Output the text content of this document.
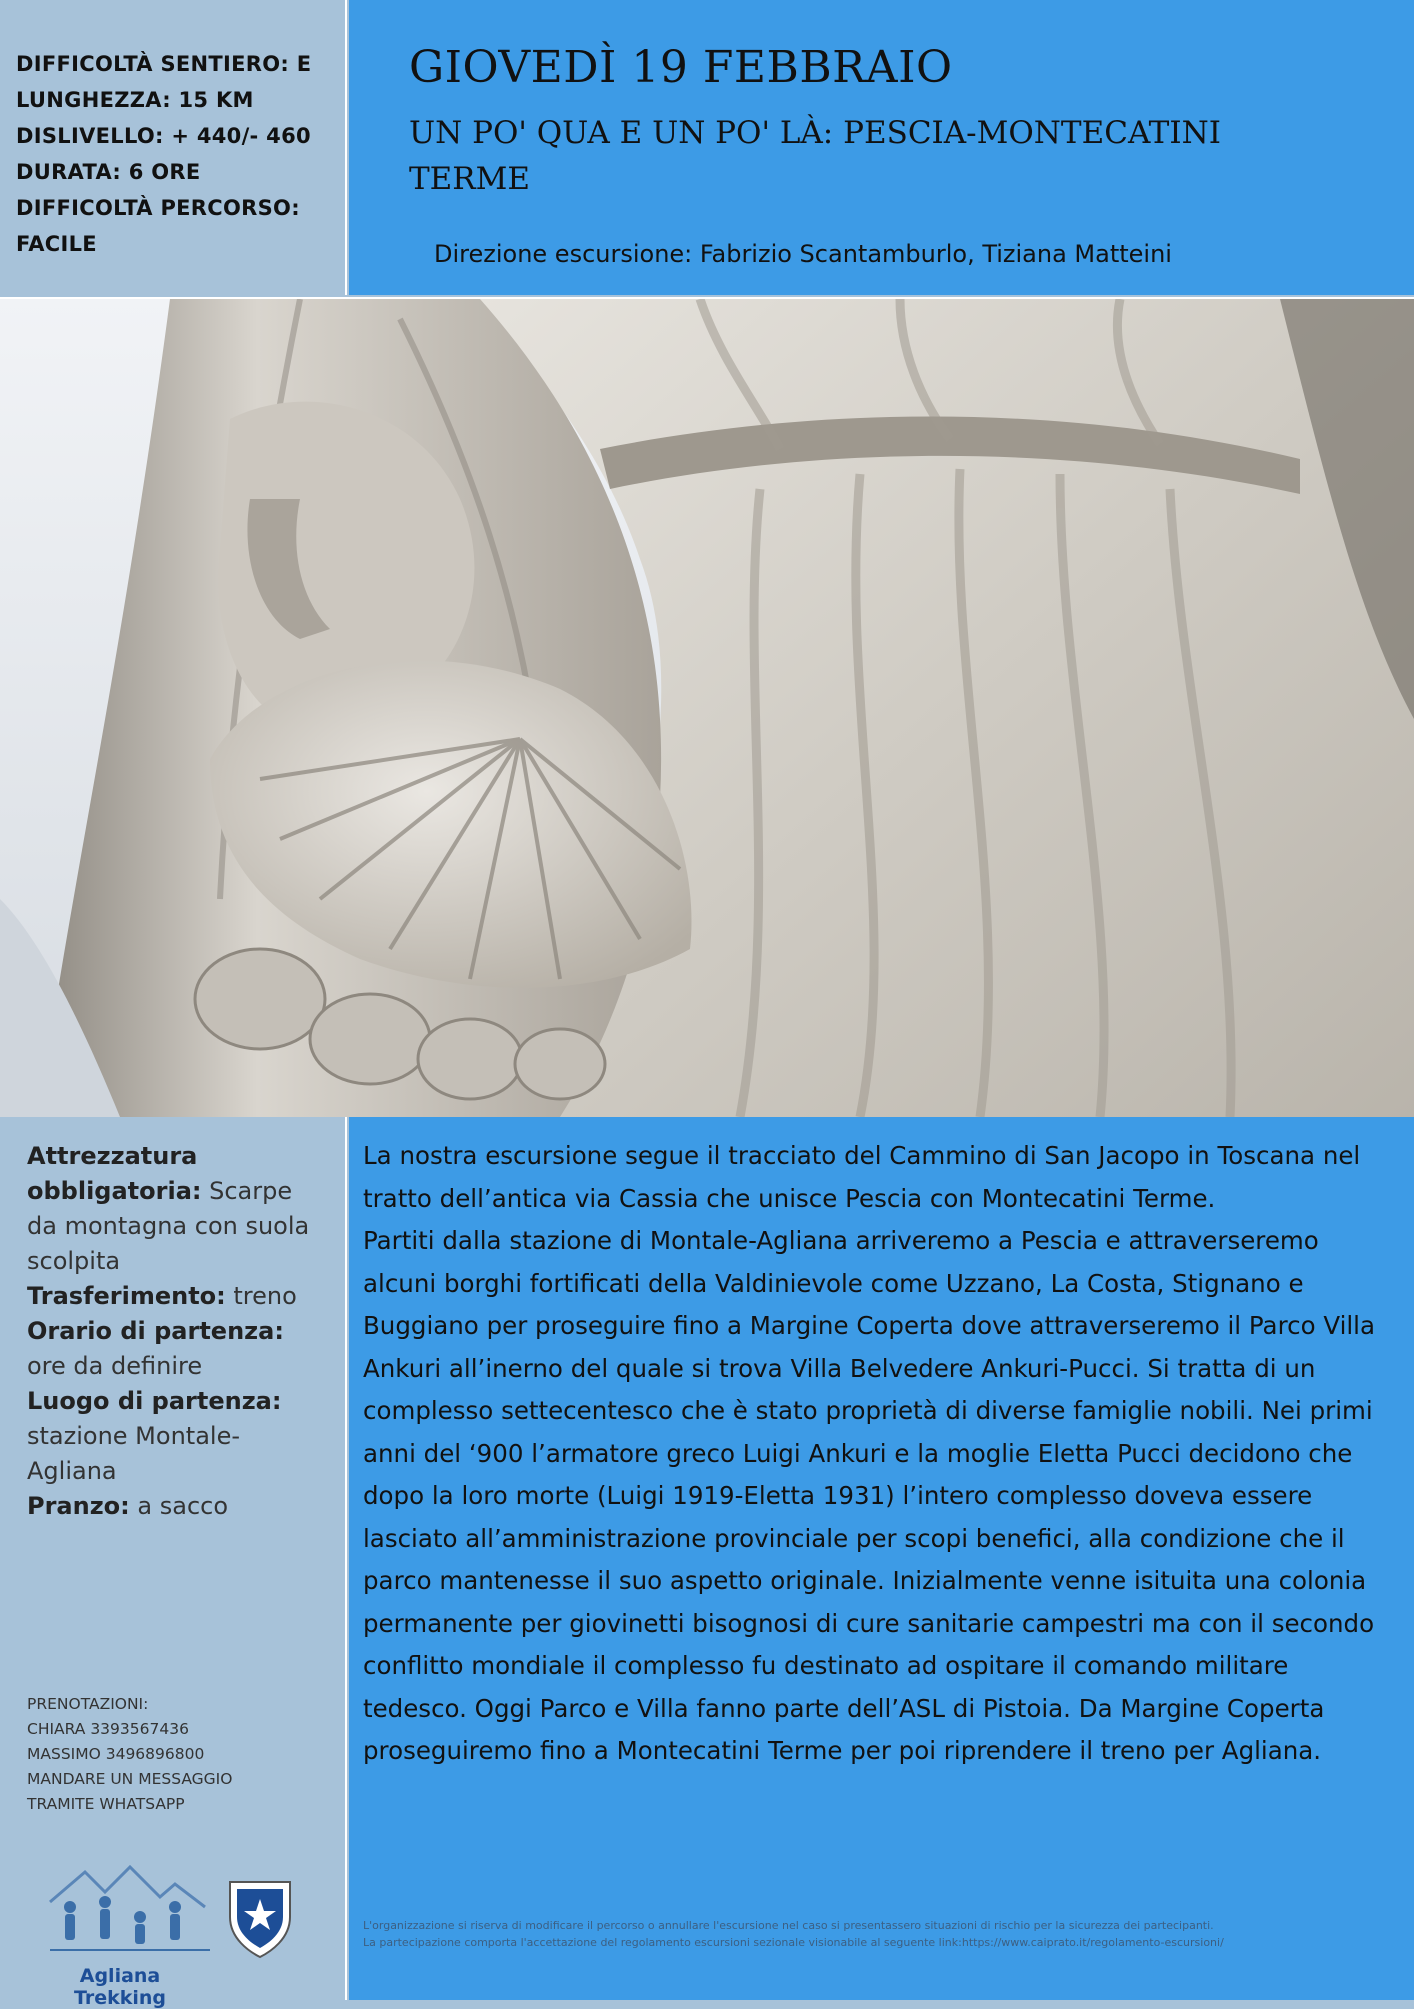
DIFFICOLTÀ SENTIERO: E
LUNGHEZZA: 15 KM
DISLIVELLO: + 440/- 460
DURATA: 6 ORE
DIFFICOLTÀ PERCORSO:
FACILE
GIOVEDÌ 19 FEBBRAIO
UN PO' QUA E UN PO' LÀ: PESCIA-MONTECATINI TERME
Direzione escursione: Fabrizio Scantamburlo, Tiziana Matteini
Attrezzatura obbligatoria: Scarpe da montagna con suola scolpita
Trasferimento: treno
Orario di partenza: ore da definire
Luogo di partenza: stazione Montale-Agliana
Pranzo: a sacco
PRENOTAZIONI:
CHIARA 3393567436
MASSIMO 3496896800
MANDARE UN MESSAGGIO
TRAMITE WHATSAPP
Agliana Trekking

La nostra escursione segue il tracciato del Cammino di San Jacopo in Toscana nel tratto dell’antica via Cassia che unisce Pescia con Montecatini Terme.

Partiti dalla stazione di Montale-Agliana arriveremo a Pescia e attraverseremo alcuni borghi fortificati della Valdinievole come Uzzano, La Costa, Stignano e Buggiano per proseguire fino a Margine Coperta dove attraverseremo il Parco Villa Ankuri all’inerno del quale si trova Villa Belvedere Ankuri-Pucci. Si tratta di un complesso settecentesco che è stato proprietà di diverse famiglie nobili. Nei primi anni del ‘900 l’armatore greco Luigi Ankuri e la moglie Eletta Pucci decidono che dopo la loro morte (Luigi 1919-Eletta 1931) l’intero complesso doveva essere lasciato all’amministrazione provinciale per scopi benefici, alla condizione che il parco mantenesse il suo aspetto originale. Inizialmente venne isituita una colonia permanente per giovinetti bisognosi di cure sanitarie campestri ma con il secondo conflitto mondiale il complesso fu destinato ad ospitare il comando militare tedesco. Oggi Parco e Villa fanno parte dell’ASL di Pistoia. Da Margine Coperta proseguiremo fino a Montecatini Terme per poi riprendere il treno per Agliana.

L'organizzazione si riserva di modificare il percorso o annullare l'escursione nel caso si presentassero situazioni di rischio per la sicurezza dei partecipanti.
La partecipazione comporta l'accettazione del regolamento escursioni sezionale visionabile al seguente link:https://www.caiprato.it/regolamento-escursioni/
